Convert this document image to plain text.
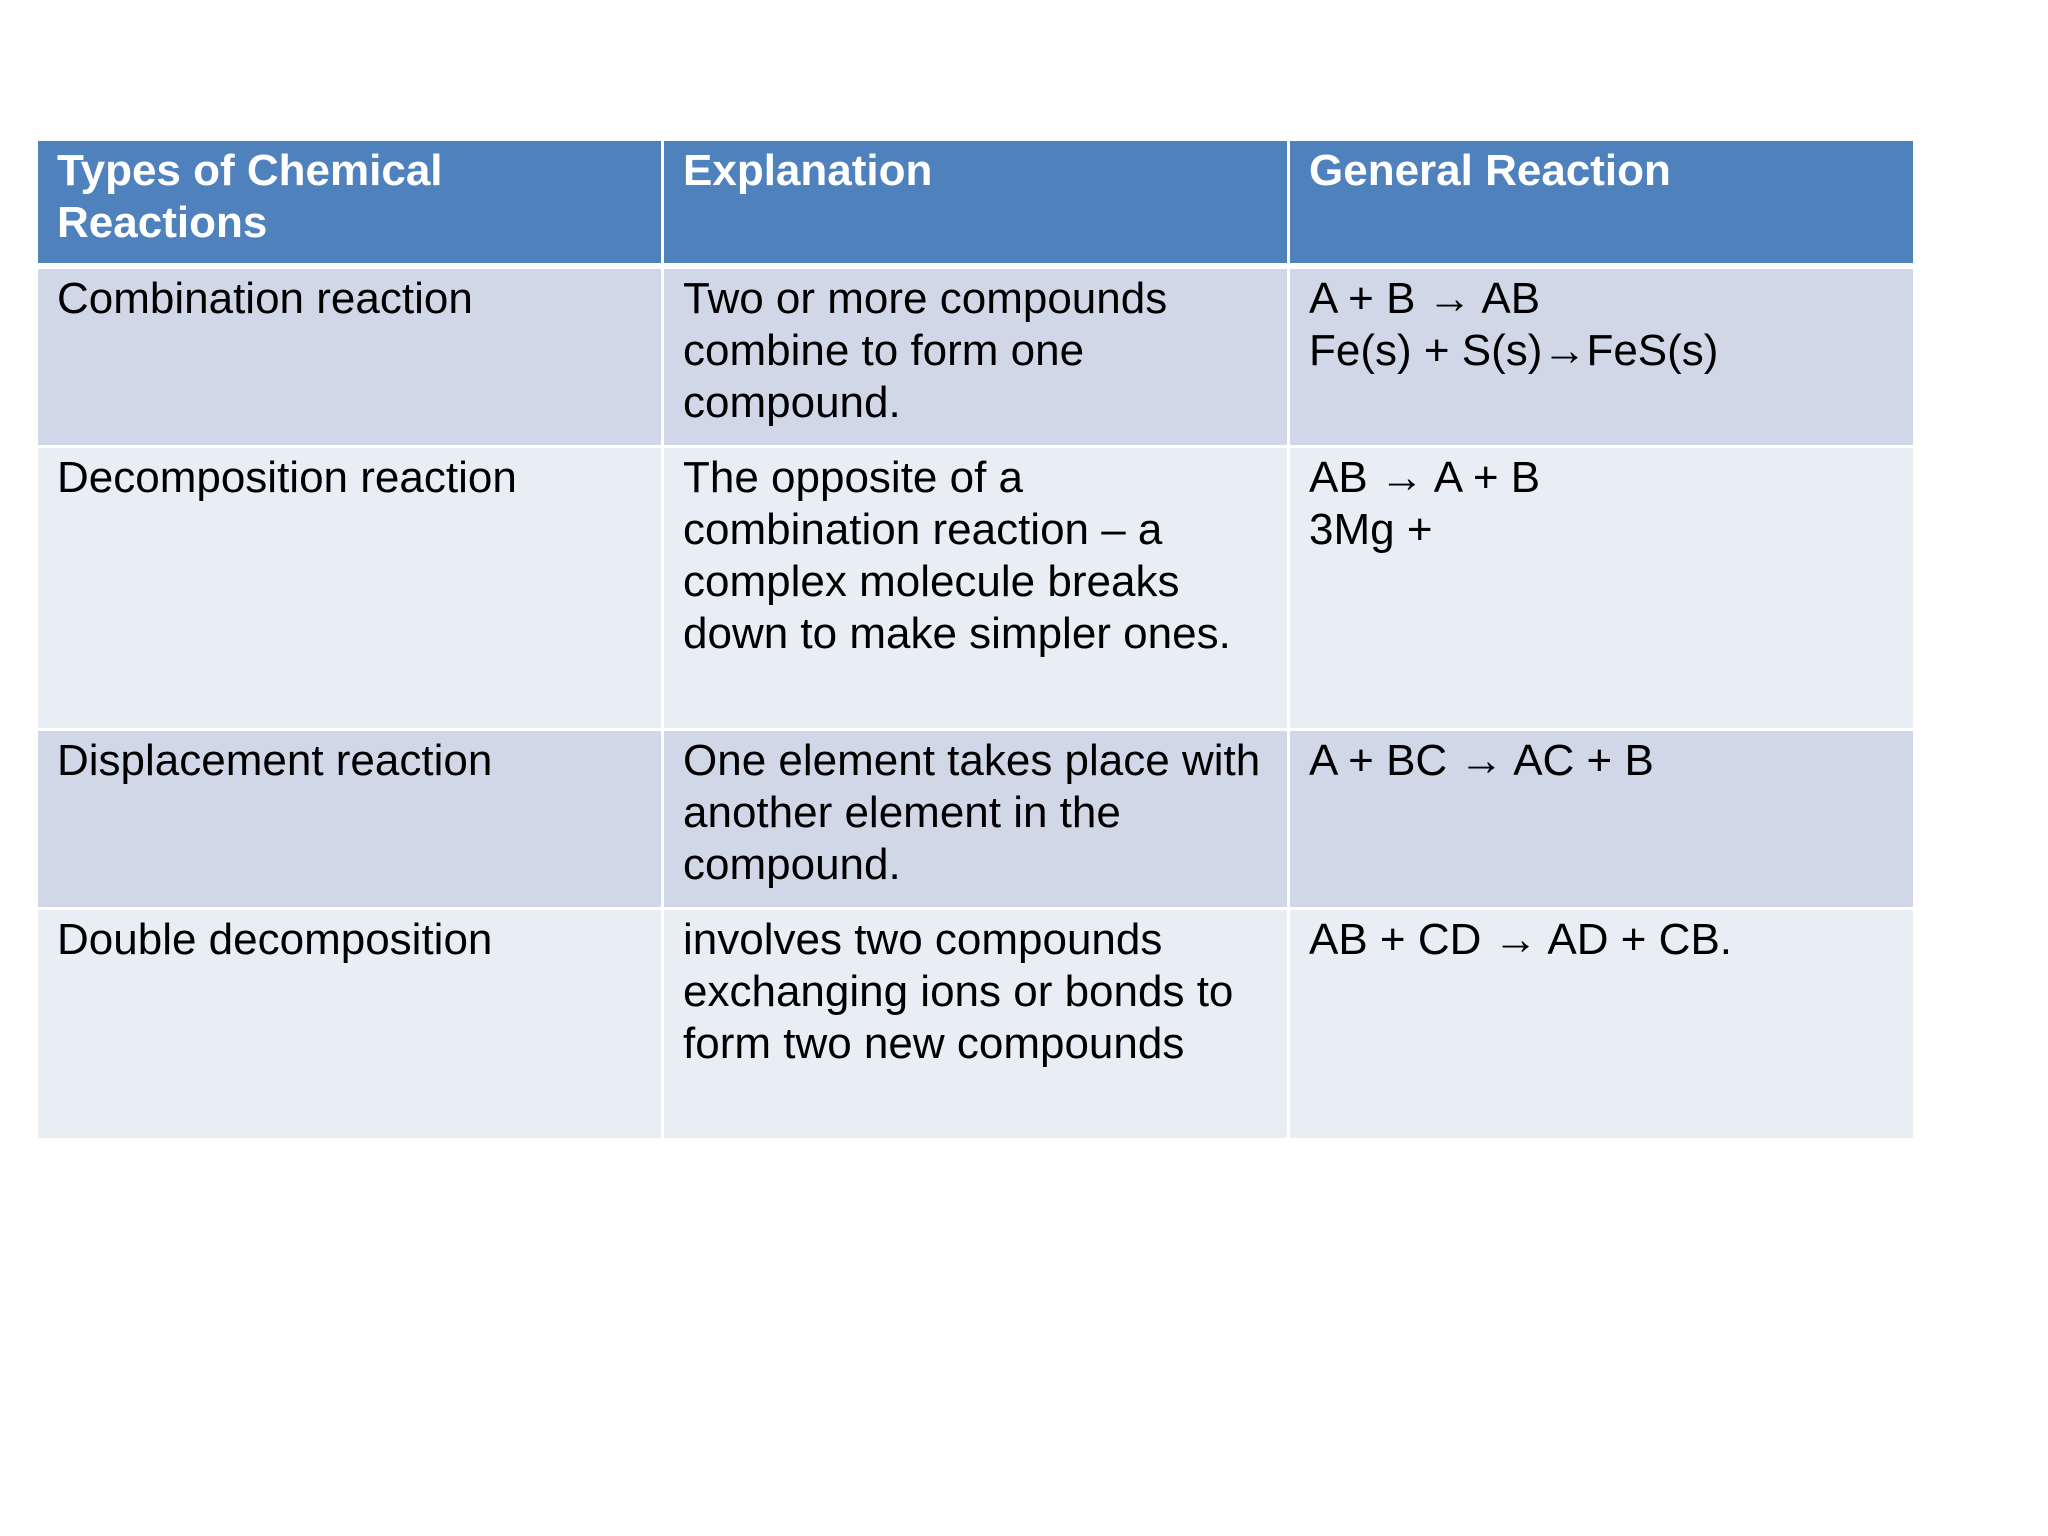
Types of Chemical Reactions	Explanation	General Reaction
Combination reaction	Two or more compounds combine to form one compound.	A + B → AB
Fe(s) + S(s)→FeS(s)

Decomposition reaction	The opposite of a combination reaction – a complex molecule breaks down to make simpler ones.	AB → A + B
3Mg +

Displacement reaction	One element takes place with another element in the compound.	A + BC → AC + B

Double decomposition	involves two compounds exchanging ions or bonds to form two new compounds	AB + CD → AD + CB.
